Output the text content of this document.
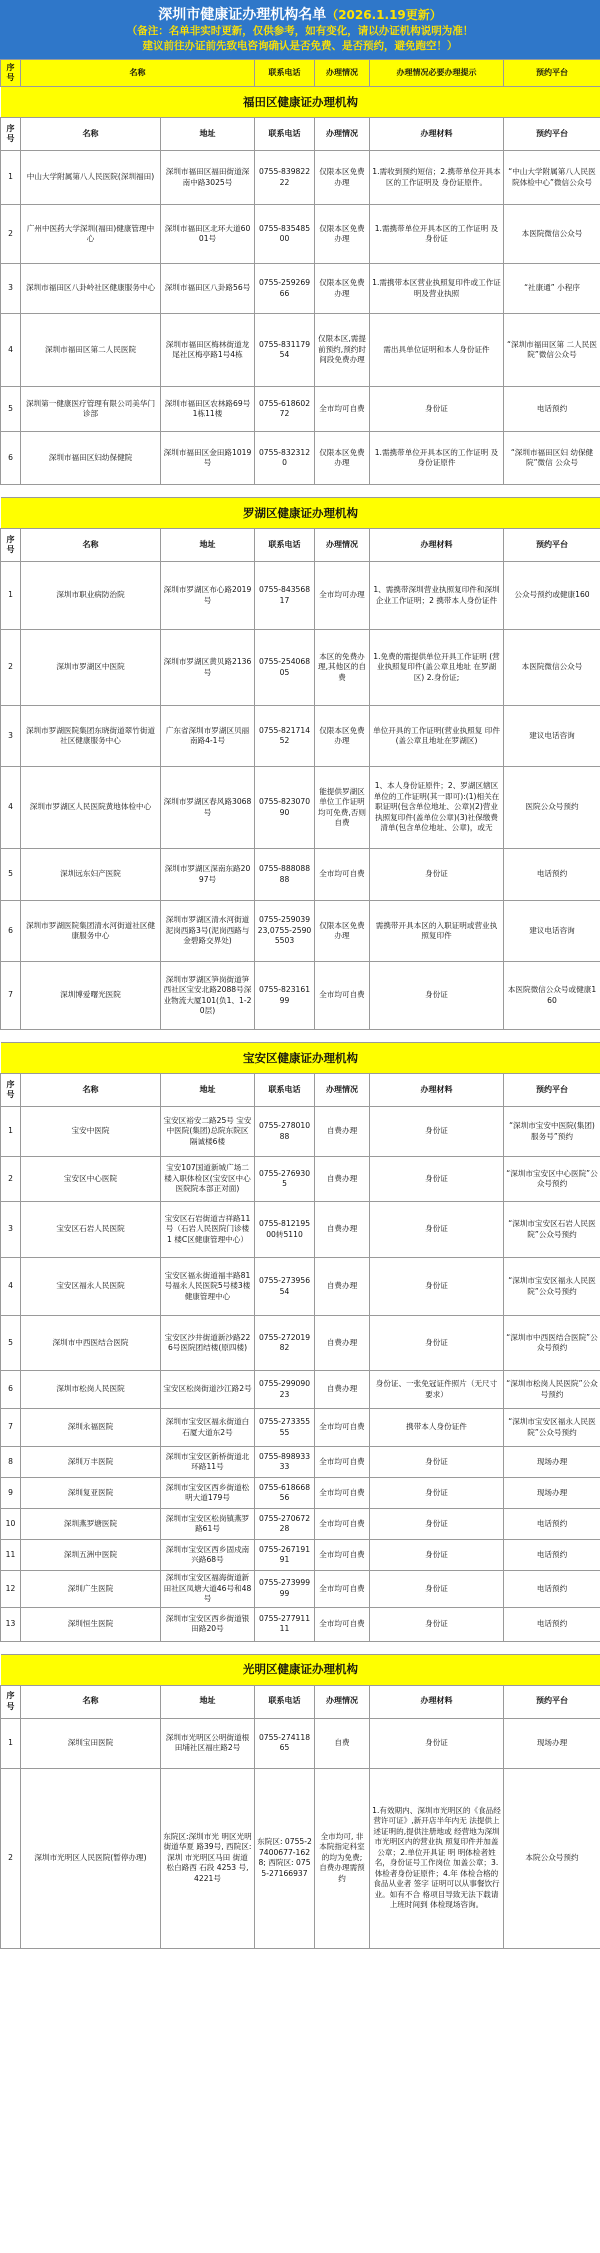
深圳市健康证办理机构名单（2026.1.19更新）
（备注：名单非实时更新，仅供参考，如有变化，请以办证机构说明为准！
建议前往办证前先致电咨询确认是否免费、是否预约，避免跑空！）
序号	名称		联系电话	办理情况	办理情况必要办理提示	预约平台
福田区健康证办理机构						
序号	名称	地址	联系电话	办理情况	办理材料	预约平台
1	中山大学附属第八人民医院(深圳福田)	深圳市福田区福田街道深南中路3025号	0755-83982222	仅限本区免费办理	1.需收到预约短信；2.携带单位开具本区的工作证明及 身份证原件。	“中山大学附属第八人民医院体检中心”微信公众号
2	广州中医药大学深圳(福田)健康管理中心	深圳市福田区北环大道6001号	0755-83548500	仅限本区免费办理	1.需携带单位开具本区的工作证明 及身份证	本医院微信公众号
3	深圳市福田区八卦岭社区健康服务中心	深圳市福田区八卦路56号	0755-25926966	仅限本区免费办理	1.需携带本区营业执照复印件或工作证明及营业执照	“社康通” 小程序
4	深圳市福田区第二人民医院	深圳市福田区梅林街道龙尾社区梅亭路1号4栋	0755-83117954	仅限本区,需提前预约,预约时间段免费办理	需出具单位证明和本人身份证件	“深圳市福田区第 二人民医院”微信公众号
5	深圳第一健康医疗管理有限公司美华门诊部	深圳市福田区农林路69号1栋11楼	0755-61860272	全市均可自费	身份证	电话预约
6	深圳市福田区妇幼保健院	深圳市福田区金田路1019号	0755-8323120	仅限本区免费办理	1.需携带单位开具本区的工作证明 及身份证原件	“深圳市福田区妇 幼保健院”微信 公众号

罗湖区健康证办理机构						
序号	名称	地址	联系电话	办理情况	办理材料	预约平台
1	深圳市职业病防治院	深圳市罗湖区布心路2019号	0755-84356817	全市均可办理	1、需携带深圳营业执照复印件和深圳企业工作证明；2 携带本人身份证件	公众号预约或健康160
2	深圳市罗湖区中医院	深圳市罗湖区黄贝路2136号	0755-25406805	本区的免费办理,其他区的自费	1.免费的需提供单位开具工作证明 (营业执照复印件(盖公章且地址 在罗湖区) 2.身份证;	本医院微信公众号
3	深圳市罗湖医院集团东晓街道翠竹街道社区健康服务中心	广东省深圳市罗湖区贝丽南路4-1号	0755-82171452	仅限本区免费办理	单位开具的工作证明(营业执照复 印件(盖公章且地址在罗湖区)	建议电话咨询
4	深圳市罗湖区人民医院黄地体检中心	深圳市罗湖区春风路3068号	0755-82307090	能提供罗湖区单位工作证明均可免费,否则自费	1、本人身份证原件；2、罗湖区辖区单位的工作证明(其一即可):(1)相关在职证明(包含单位地址、公章)(2)营业执照复印件(盖单位公章)(3)社保缴费清单(包含单位地址、公章)，或无	医院公众号预约
5	深圳远东妇产医院	深圳市罗湖区深南东路2097号	0755-88808888	全市均可自费	身份证	电话预约
6	深圳市罗湖医院集团清水河街道社区健康服务中心	深圳市罗湖区清水河街道泥岗西路3号(泥岗西路与金碧路交界处)	0755-25903923,0755-25905503	仅限本区免费办理	需携带开具本区的入职证明或营业执照复印件	建议电话咨询
7	深圳博爱曙光医院	深圳市罗湖区笋岗街道笋西社区宝安北路2088号深业物流大厦101(负1、1-20层)	0755-82316199	全市均可自费	身份证	本医院微信公众号或健康160

宝安区健康证办理机构						
序号	名称	地址	联系电话	办理情况	办理材料	预约平台
1	宝安中医院	宝安区裕安二路25号 宝安中医院(集团)总院东院区 隔诚楼6楼	0755-27801088	自费办理	身份证	“深圳市宝安中医院(集团)服务号”预约
2	宝安区中心医院	宝安107国道新城广场二楼入职体检区(宝安区中心医院院本部正对面)	0755-2769305	自费办理	身份证	“深圳市宝安区中心医院”公众号预约
3	宝安区石岩人民医院	宝安区石岩街道吉祥路11号（石岩人民医院门诊楼 1 楼C区健康管理中心）	0755-81219500转5110	自费办理	身份证	“深圳市宝安区石岩人民医院”公众号预约
4	宝安区福永人民医院	宝安区福永街道福丰路81号福永人民医院5号楼3楼健康管理中心	0755-27395654	自费办理	身份证	“深圳市宝安区福永人民医院”公众号预约
5	深圳市中西医结合医院	宝安区沙井街道新沙路226号医院团结楼(原四楼)	0755-27201982	自费办理	身份证	“深圳市中西医结合医院”公众号预约
6	深圳市松岗人民医院	宝安区松岗街道沙江路2号	0755-29909023	自费办理	身份证、一张免冠证件照片（无尺寸要求）	“深圳市松岗人民医院”公众号预约
7	深圳永福医院	深圳市宝安区福永街道白石厦大道东2号	0755-27335555	全市均可自费	携带本人身份证件	“深圳市宝安区福永人民医院”公众号预约
8	深圳万丰医院	深圳市宝安区新桥街道北环路11号	0755-89893333	全市均可自费	身份证	现场办理
9	深圳复亚医院	深圳市宝安区西乡街道松明大道179号	0755-61866856	全市均可自费	身份证	现场办理
10	深圳燕罗塘医院	深圳市宝安区松岗镇燕罗路61号	0755-27067228	全市均可自费	身份证	电话预约
11	深圳五洲中医院	深圳市宝安区西乡固戍南兴路68号	0755-26719191	全市均可自费	身份证	电话预约
12	深圳广生医院	深圳市宝安区福海街道新田社区凤塘大道46号和48号	0755-27399999	全市均可自费	身份证	电话预约
13	深圳恒生医院	深圳市宝安区西乡街道银田路20号	0755-27791111	全市均可自费	身份证	电话预约

光明区健康证办理机构						
序号	名称	地址	联系电话	办理情况	办理材料	预约平台
1	深圳宝田医院	深圳市光明区公明街道根田埔社区福庄路2号	0755-27411865	自费	身份证	现场办理
2	深圳市光明区人民医院(暂停办理)	东院区:深圳市光 明区光明街道华夏 路39号, 西院区:深圳 市光明区马田 街道 松白路西 石段 4253 号, 4221号	东院区: 0755-27400677-1628; 西院区: 0755-27166937	全市均可, 非本院指定科室的均为免费; 自费办理需预约	1.有效期内、深圳市光明区的《食品经营许可证》,新开店半年内无 法提供上述证明的,提供注册地或 经营地为深圳市光明区内的营业执 照复印件并加盖公章；2.单位开具证 明 明体检者姓名，身份证号工作岗位 加盖公章；3.体检者身份证原件；4.年 体检合格的食品从业者 签字 证明可以从事餐饮行业。如有不合 格项目导致无法下载请上班时间到 体检现场咨询。	本院公众号预约
